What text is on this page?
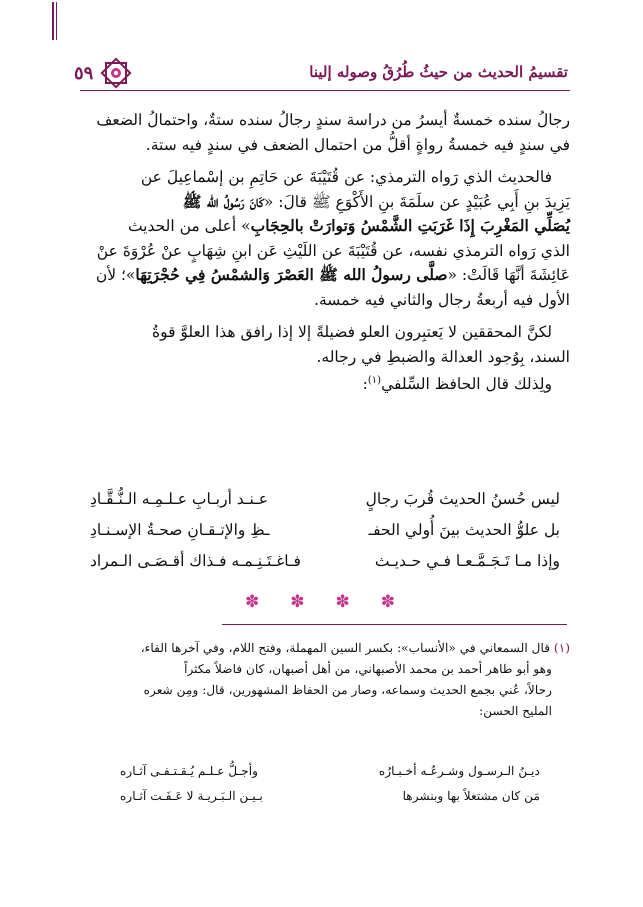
تقسيمُ الحديث من حيثُ طُرُقُ وصوله إلينا
٥٩

رجالُ سنده خمسةٌ أيسرُ من دراسة سندٍ رجالُ سنده ستةٌ، واحتمالُ الضعف

في سندٍ فيه خمسةُ رواةٍ أقلُّ من احتمال الضعف في سندٍ فيه ستة.

فالحديث الذي رَواه الترمذي: عن قُتَيْبَةَ عن حَاتِمِ بن إسْماعِيلَ عن

يَزِيدَ بنِ أَبِي عُبَيْدٍ عن سلَمَةَ بنِ الأَكْوَعِ ﷺ قالَ: «كَانَ رَسُولُ الله ﷺ

يُصَلِّي المَغْرِبَ إِذَا غَرَبَتِ الشَّمْسُ وَتوارَتْ بالحِجَابِ» أعلى من الحديث

الذي رَواه الترمذي نفسه، عن قُتَيْبَةَ عن اللَيْثِ عَن ابنِ شِهَابٍ عنْ عُرْوَةَ عنْ

عَائِشَةَ أنَّهَا قَالَتْ: «صلَّى رسولُ الله ﷺ العَصْرَ وَالشمْسُ فِي حُجْرَتِهَا»؛ لأن

الأول فيه أربعةُ رجال والثاني فيه خمسة.

لكنَّ المحققين لا يَعتبِرون العلو فضيلةً إلا إذا رافق هذا العلوَّ قوةُ

السند، بِوُجود العدالة والضبطِ في رجاله.

ولِذلك قال الحافظ السِّلفي$^{(١)}$:

ليس حُسنُ الحديث قُربَ رجالٍ
عـنـد أربـابِ عـلـمِـه الـنُّـقَّـادِ
بل علوُّ الحديث بينَ أُولي الحفـ
ـظِ والإتـقـانِ صحـةُ الإسـنـادِ
وإذا مـا تَـجَـمَّـعـا فـي حـديـث
فـاغـتَـنِـمـه فـذاك أقـصَـى الـمراد
✽ ✽ ✽ ✽

(١) قال السمعاني في «الأنساب»: بكسر السين المهملة، وفتح اللام، وفي آخرها الفاء،

وهو أبو طاهر أحمد بن محمد الأصبهاني، من أهل أصبهان، كان فاضلاً مكثراً

رحالاً، عُني بجمع الحديث وسماعه، وصار من الحفاظ المشهورين، قال: ومِن شعره

المليح الحسن:

ديـنُ الـرسـول وشـرعُـه أخـبـارُه
وأجـلُّ عـلـم يُـقـتـفـى آثـاره
مَن كان مشتغلاً بها وبنشرها
بـيـن الـبَـريـة لا عَـفَـت آثـاره
